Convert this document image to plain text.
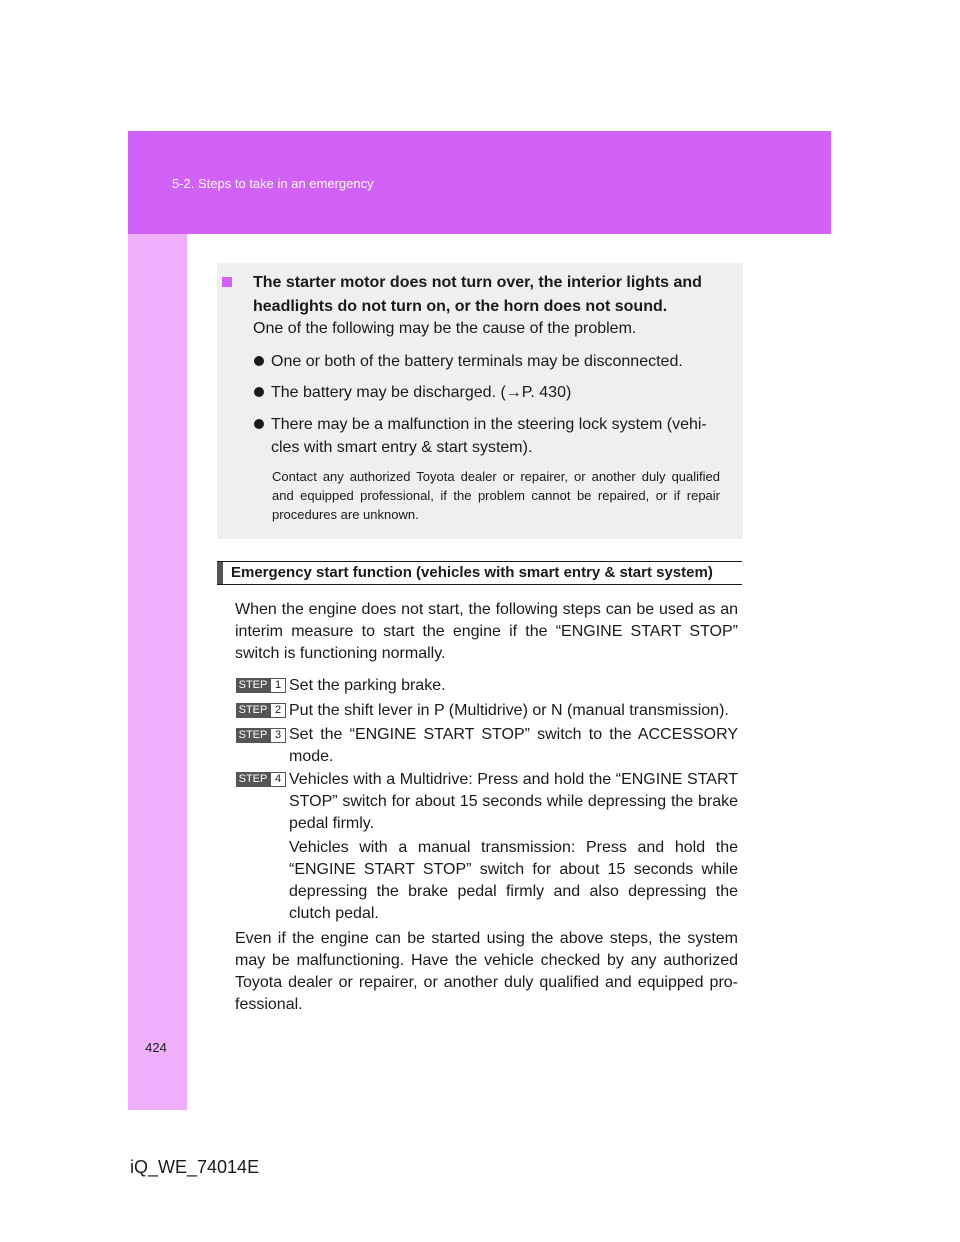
5-2. Steps to take in an emergency
424
iQ_WE_74014E
The starter motor does not turn over, the interior lights and headlights do not turn on, or the horn does not sound.
One of the following may be the cause of the problem.
One or both of the battery terminals may be disconnected.
The battery may be discharged. (→P. 430)
There may be a malfunction in the steering lock system (vehi-cles with smart entry & start system).
Contact any authorized Toyota dealer or repairer, or another duly qualified and equipped professional, if the problem cannot be repaired, or if repair procedures are unknown.
Emergency start function (vehicles with smart entry & start system)
When the engine does not start, the following steps can be used as an interim measure to start the engine if the “ENGINE START STOP” switch is functioning normally.
STEP 1 Set the parking brake.
STEP 2 Put the shift lever in P (Multidrive) or N (manual transmission).
STEP 3 Set the “ENGINE START STOP” switch to the ACCESSORY mode.
STEP 4 Vehicles with a Multidrive: Press and hold the “ENGINE START STOP” switch for about 15 seconds while depressing the brake pedal firmly.
Vehicles with a manual transmission: Press and hold the “ENGINE START STOP” switch for about 15 seconds while depressing the brake pedal firmly and also depressing the clutch pedal.
Even if the engine can be started using the above steps, the system may be malfunctioning. Have the vehicle checked by any authorized Toyota dealer or repairer, or another duly qualified and equipped pro-fessional.
